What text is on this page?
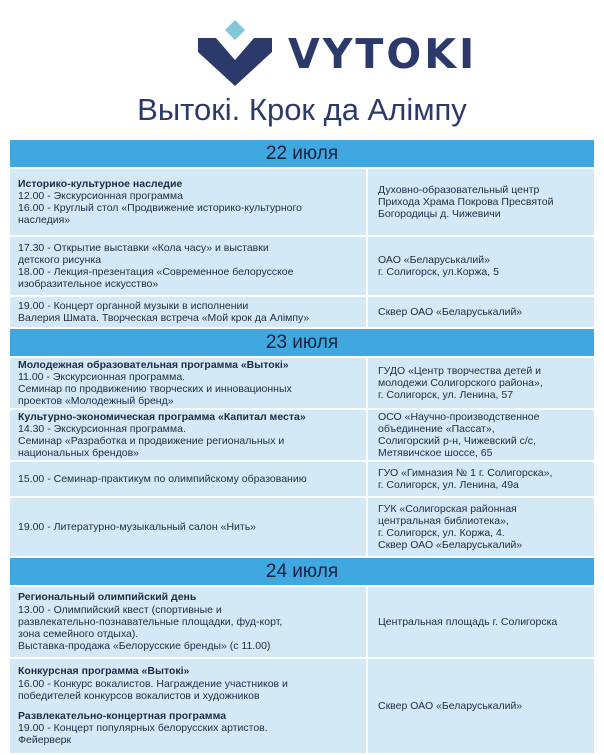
VYTOKI
Вытокі. Крок да Алімпу
22 июля
Историко-культурное наследие
12.00 - Экскурсионная программа
16.00 - Круглый стол «Продвижение историко-культурного
наследия»
Духовно-образовательный центр
Прихода Храма Покрова Пресвятой
Богородицы д. Чижевичи
17.30 - Открытие выставки «Кола часу» и выставки
детского рисунка
18.00 - Лекция-презентация «Современное белорусское
изобразительное искусство»
ОАО «Беларуськалий»
г. Солигорск, ул.Коржа, 5
19.00 - Концерт органной музыки в исполнении
Валерия Шмата. Творческая встреча «Мой крок да Алімпу»
Сквер ОАО «Беларуськалий»
23 июля
Молодежная образовательная программа «Вытокі»
11.00 - Экскурсионная программа.
Семинар по продвижению творческих и инновационных
проектов «Молодежный бренд»
ГУДО «Центр творчества детей и
молодежи Солигорского района»,
г. Солигорск, ул. Ленина, 57
Культурно-экономическая программа «Капитал места»
14.30 - Экскурсионная программа.
Семинар «Разработка и продвижение региональных и
национальных брендов»
ОСО «Научно-производственное
объединение «Пассат»,
Солигорский р-н, Чижевский с/с,
Метявичское шоссе, 65
15.00 - Семинар-практикум по олимпийскому образованию
ГУО «Гимназия № 1 г. Солигорска»,
г. Солигорск, ул. Ленина, 49а
19.00 - Литературно-музыкальный салон «Нить»
ГУК «Солигорская районная
центральная библиотека»,
г. Солигорск, ул. Коржа, 4.
Сквер ОАО «Беларуськалий»
24 июля
Региональный олимпийский день
13.00 - Олимпийский квест (спортивные и
развлекательно-познавательные площадки, фуд-корт,
зона семейного отдыха).
Выставка-продажа «Белорусские бренды» (с 11.00)
Центральная площадь г. Солигорска
Конкурсная программа «Вытокі»
16.00 - Конкурс вокалистов. Награждение участников и
победителей конкурсов вокалистов и художников
Развлекательно-концертная программа
19.00 - Концерт популярных белорусских артистов.
Фейерверк
Сквер ОАО «Беларуськалий»
